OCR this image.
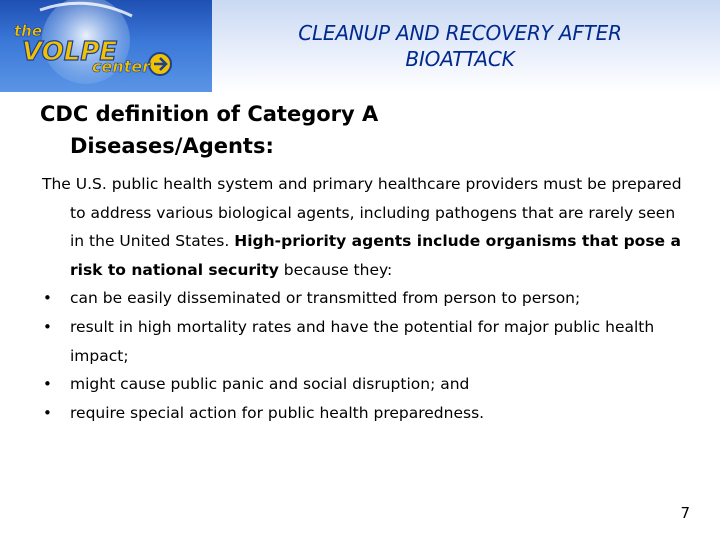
the
VOLPE
center
CLEANUP AND RECOVERY AFTER
BIOATTACK
CDC definition of Category A
Diseases/Agents:

The U.S. public health system and primary healthcare providers must be prepared to address various biological agents, including pathogens that are rarely seen in the United States. High-priority agents include organisms that pose a risk to national security because they:

•	can be easily disseminated or transmitted from person to person;
•	result in high mortality rates and have the potential for major public health impact;
•	might cause public panic and social disruption; and
•	require special action for public health preparedness.
7
